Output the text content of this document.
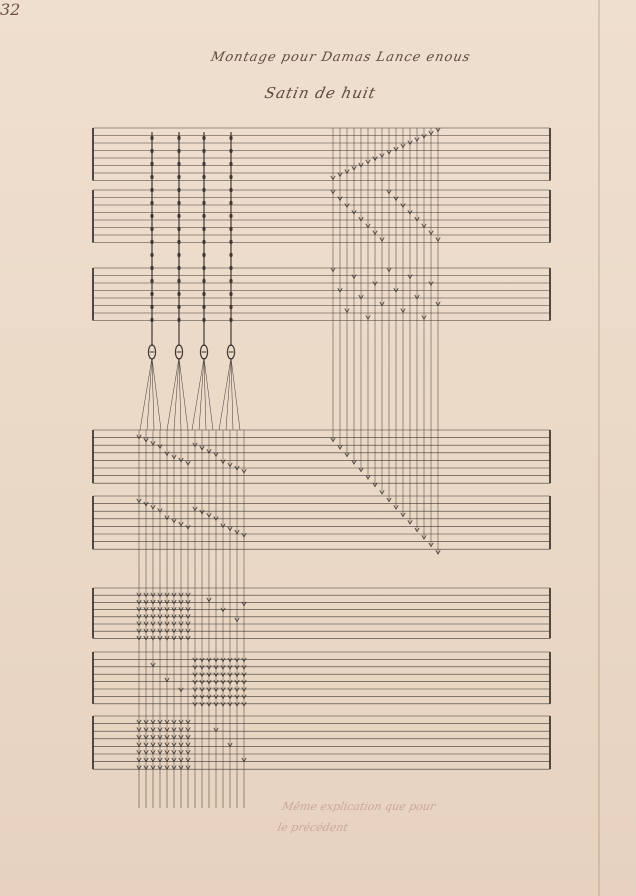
32
Montage pour Damas Lance enous
Satin de huit
Même explication que pour
le précédent
